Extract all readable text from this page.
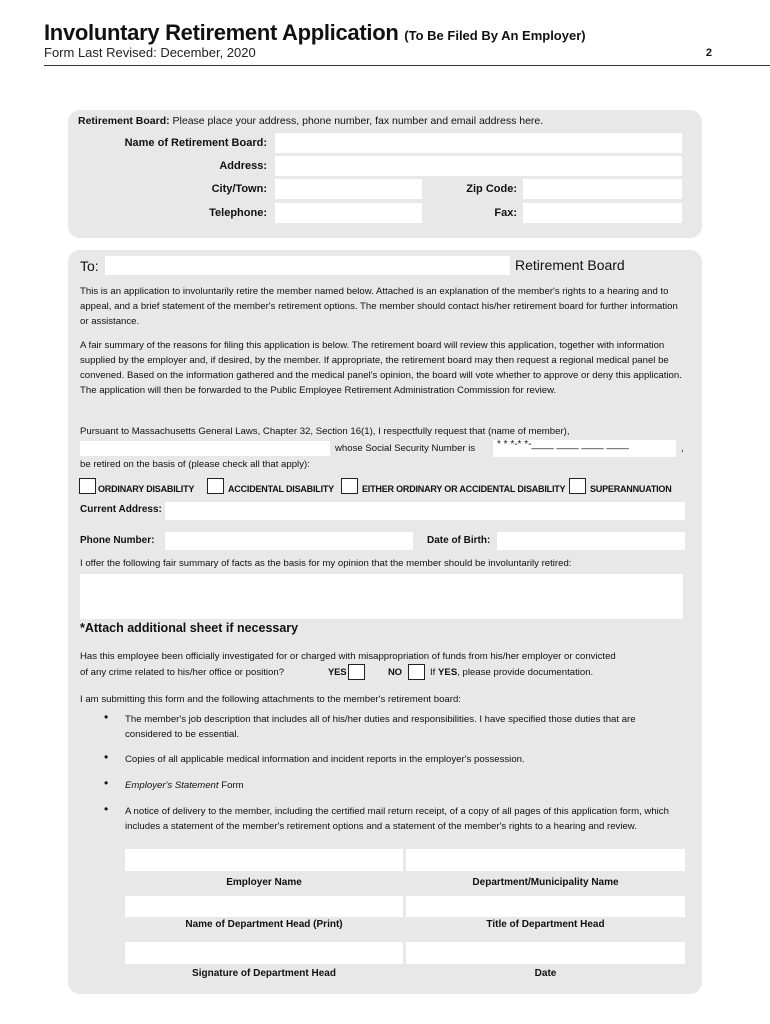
Involuntary Retirement Application (To Be Filed By An Employer)
Form Last Revised: December, 2020	2
Retirement Board: Please place your address, phone number, fax number and email address here.
Name of Retirement Board:
Address:
City/Town:	Zip Code:
Telephone:	Fax:
To:	Retirement Board
This is an application to involuntarily retire the member named below. Attached is an explanation of the member's rights to a hearing and to appeal, and a brief statement of the member's retirement options. The member should contact his/her retirement board for further information or assistance.
A fair summary of the reasons for filing this application is below. The retirement board will review this application, together with information supplied by the employer and, if desired, by the member. If appropriate, the retirement board may then request a regional medical panel be convened. Based on the information gathered and the medical panel's opinion, the board will vote whether to approve or deny this application. The application will then be forwarded to the Public Employee Retirement Administration Commission for review.
Pursuant to Massachusetts General Laws, Chapter 32, Section 16(1), I respectfully request that (name of member),
whose Social Security Number is * * *-* *-____ ____ ____ ____	,
be retired on the basis of (please check all that apply):
ORDINARY DISABILITY	ACCIDENTAL DISABILITY	EITHER ORDINARY OR ACCIDENTAL DISABILITY	SUPERANNUATION
Current Address:
Phone Number:	Date of Birth:
I offer the following fair summary of facts as the basis for my opinion that the member should be involuntarily retired:
*Attach additional sheet if necessary
Has this employee been officially investigated for or charged with misappropriation of funds from his/her employer or convicted
of any crime related to his/her office or position?	YES	NO	If YES, please provide documentation.
I am submitting this form and the following attachments to the member's retirement board:
• The member's job description that includes all of his/her duties and responsibilities. I have specified those duties that are considered to be essential.
• Copies of all applicable medical information and incident reports in the employer's possession.
• Employer's Statement Form
• A notice of delivery to the member, including the certified mail return receipt, of a copy of all pages of this application form, which includes a statement of the member's retirement options and a statement of the member's rights to a hearing and review.
Employer Name	Department/Municipality Name
Name of Department Head (Print)	Title of Department Head
Signature of Department Head	Date
